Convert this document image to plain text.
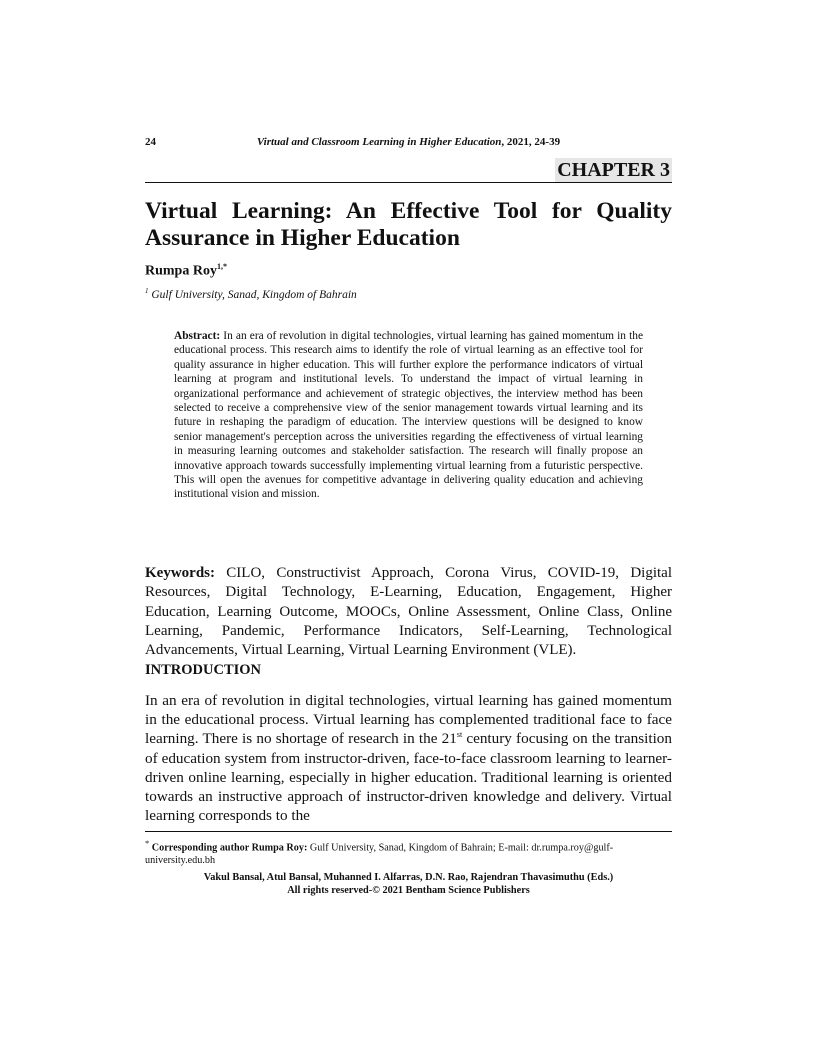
24	Virtual and Classroom Learning in Higher Education, 2021, 24-39
CHAPTER 3
Virtual Learning: An Effective Tool for Quality Assurance in Higher Education
Rumpa Roy$^{1,*}$
$^1$ Gulf University, Sanad, Kingdom of Bahrain
Abstract: In an era of revolution in digital technologies, virtual learning has gained momentum in the educational process. This research aims to identify the role of virtual learning as an effective tool for quality assurance in higher education. This will further explore the performance indicators of virtual learning at program and institutional levels. To understand the impact of virtual learning in organizational performance and achievement of strategic objectives, the interview method has been selected to receive a comprehensive view of the senior management towards virtual learning and its future in reshaping the paradigm of education. The interview questions will be designed to know senior management's perception across the universities regarding the effectiveness of virtual learning in measuring learning outcomes and stakeholder satisfaction. The research will finally propose an innovative approach towards successfully implementing virtual learning from a futuristic perspective. This will open the avenues for competitive advantage in delivering quality education and achieving institutional vision and mission.
Keywords: CILO, Constructivist Approach, Corona Virus, COVID-19, Digital Resources, Digital Technology, E-Learning, Education, Engagement, Higher Education, Learning Outcome, MOOCs, Online Assessment, Online Class, Online Learning, Pandemic, Performance Indicators, Self-Learning, Technological Advancements, Virtual Learning, Virtual Learning Environment (VLE).
INTRODUCTION
In an era of revolution in digital technologies, virtual learning has gained momentum in the educational process. Virtual learning has complemented traditional face to face learning. There is no shortage of research in the 21st century focusing on the transition of education system from instructor-driven, face-to-face classroom learning to learner-driven online learning, especially in higher education. Traditional learning is oriented towards an instructive approach of instructor-driven knowledge and delivery. Virtual learning corresponds to the
* Corresponding author Rumpa Roy: Gulf University, Sanad, Kingdom of Bahrain; E-mail: dr.rumpa.roy@gulf-university.edu.bh
Vakul Bansal, Atul Bansal, Muhanned I. Alfarras, D.N. Rao, Rajendran Thavasimuthu (Eds.)
All rights reserved-© 2021 Bentham Science Publishers
